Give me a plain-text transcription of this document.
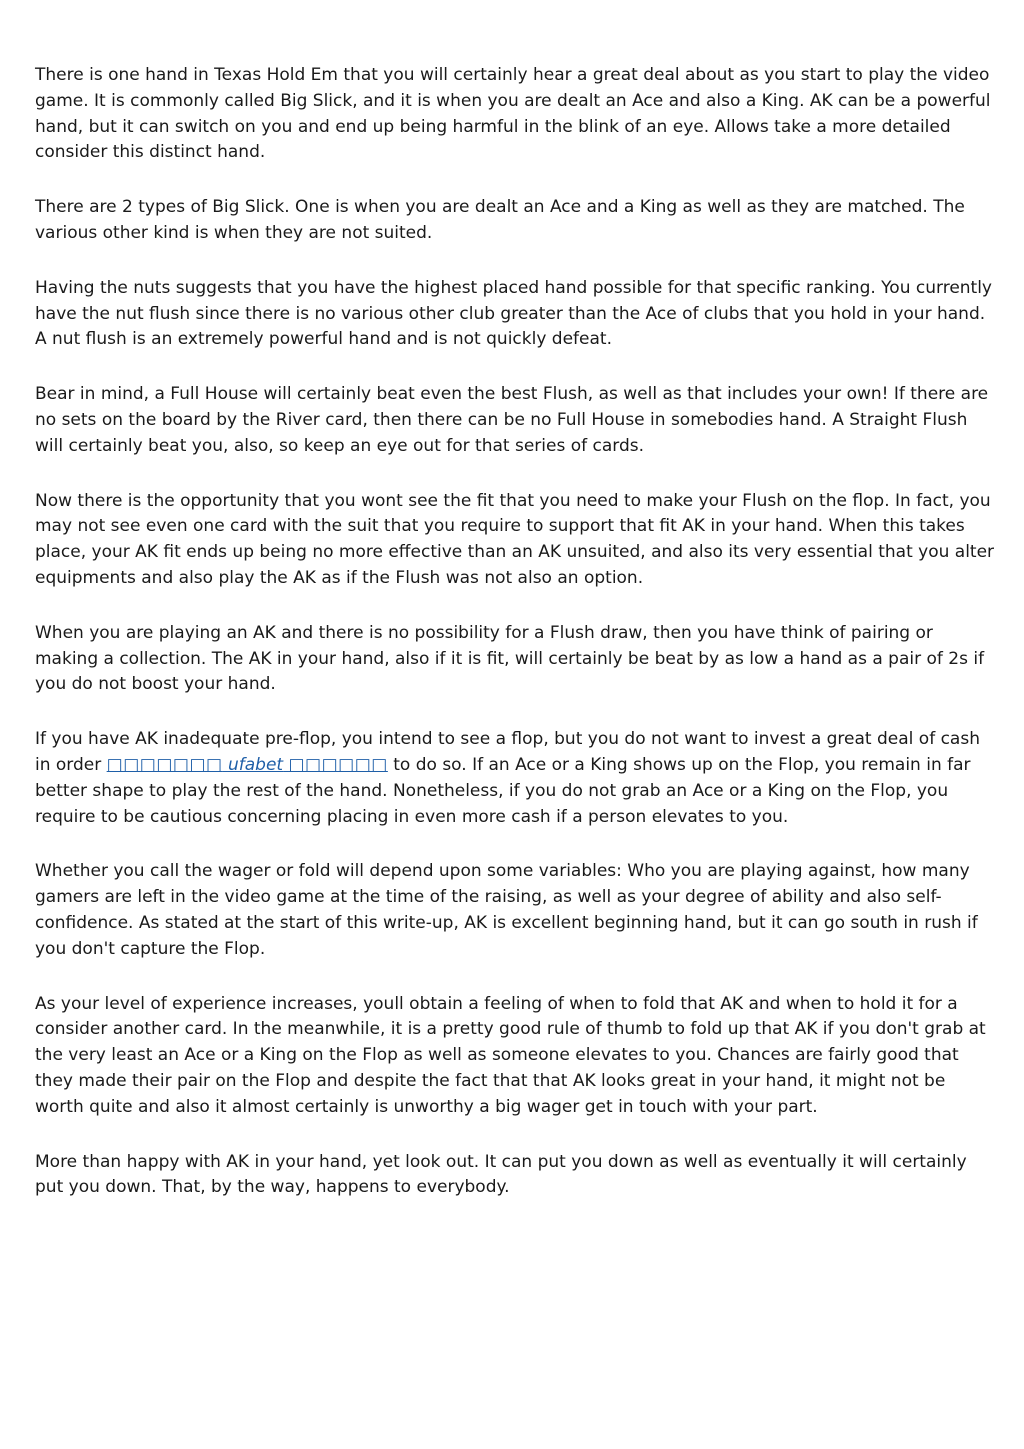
There is one hand in Texas Hold Em that you will certainly hear a great deal about as you start to play the video game. It is commonly called Big Slick, and it is when you are dealt an Ace and also a King. AK can be a powerful hand, but it can switch on you and end up being harmful in the blink of an eye. Allows take a more detailed consider this distinct hand.

There are 2 types of Big Slick. One is when you are dealt an Ace and a King as well as they are matched. The various other kind is when they are not suited.

Having the nuts suggests that you have the highest placed hand possible for that specific ranking. You currently have the nut flush since there is no various other club greater than the Ace of clubs that you hold in your hand. A nut flush is an extremely powerful hand and is not quickly defeat.

Bear in mind, a Full House will certainly beat even the best Flush, as well as that includes your own! If there are no sets on the board by the River card, then there can be no Full House in somebodies hand. A Straight Flush will certainly beat you, also, so keep an eye out for that series of cards.

Now there is the opportunity that you wont see the fit that you need to make your Flush on the flop. In fact, you may not see even one card with the suit that you require to support that fit AK in your hand. When this takes place, your AK fit ends up being no more effective than an AK unsuited, and also its very essential that you alter equipments and also play the AK as if the Flush was not also an option.

When you are playing an AK and there is no possibility for a Flush draw, then you have think of pairing or making a collection. The AK in your hand, also if it is fit, will certainly be beat by as low a hand as a pair of 2s if you do not boost your hand.

If you have AK inadequate pre-flop, you intend to see a flop, but you do not want to invest a great deal of cash in order □□□□□□□ ufabet □□□□□□ to do so. If an Ace or a King shows up on the Flop, you remain in far better shape to play the rest of the hand. Nonetheless, if you do not grab an Ace or a King on the Flop, you require to be cautious concerning placing in even more cash if a person elevates to you.

Whether you call the wager or fold will depend upon some variables: Who you are playing against, how many gamers are left in the video game at the time of the raising, as well as your degree of ability and also self-confidence. As stated at the start of this write-up, AK is excellent beginning hand, but it can go south in rush if you don't capture the Flop.

As your level of experience increases, youll obtain a feeling of when to fold that AK and when to hold it for a consider another card. In the meanwhile, it is a pretty good rule of thumb to fold up that AK if you don't grab at the very least an Ace or a King on the Flop as well as someone elevates to you. Chances are fairly good that they made their pair on the Flop and despite the fact that that AK looks great in your hand, it might not be worth quite and also it almost certainly is unworthy a big wager get in touch with your part.

More than happy with AK in your hand, yet look out. It can put you down as well as eventually it will certainly put you down. That, by the way, happens to everybody.
